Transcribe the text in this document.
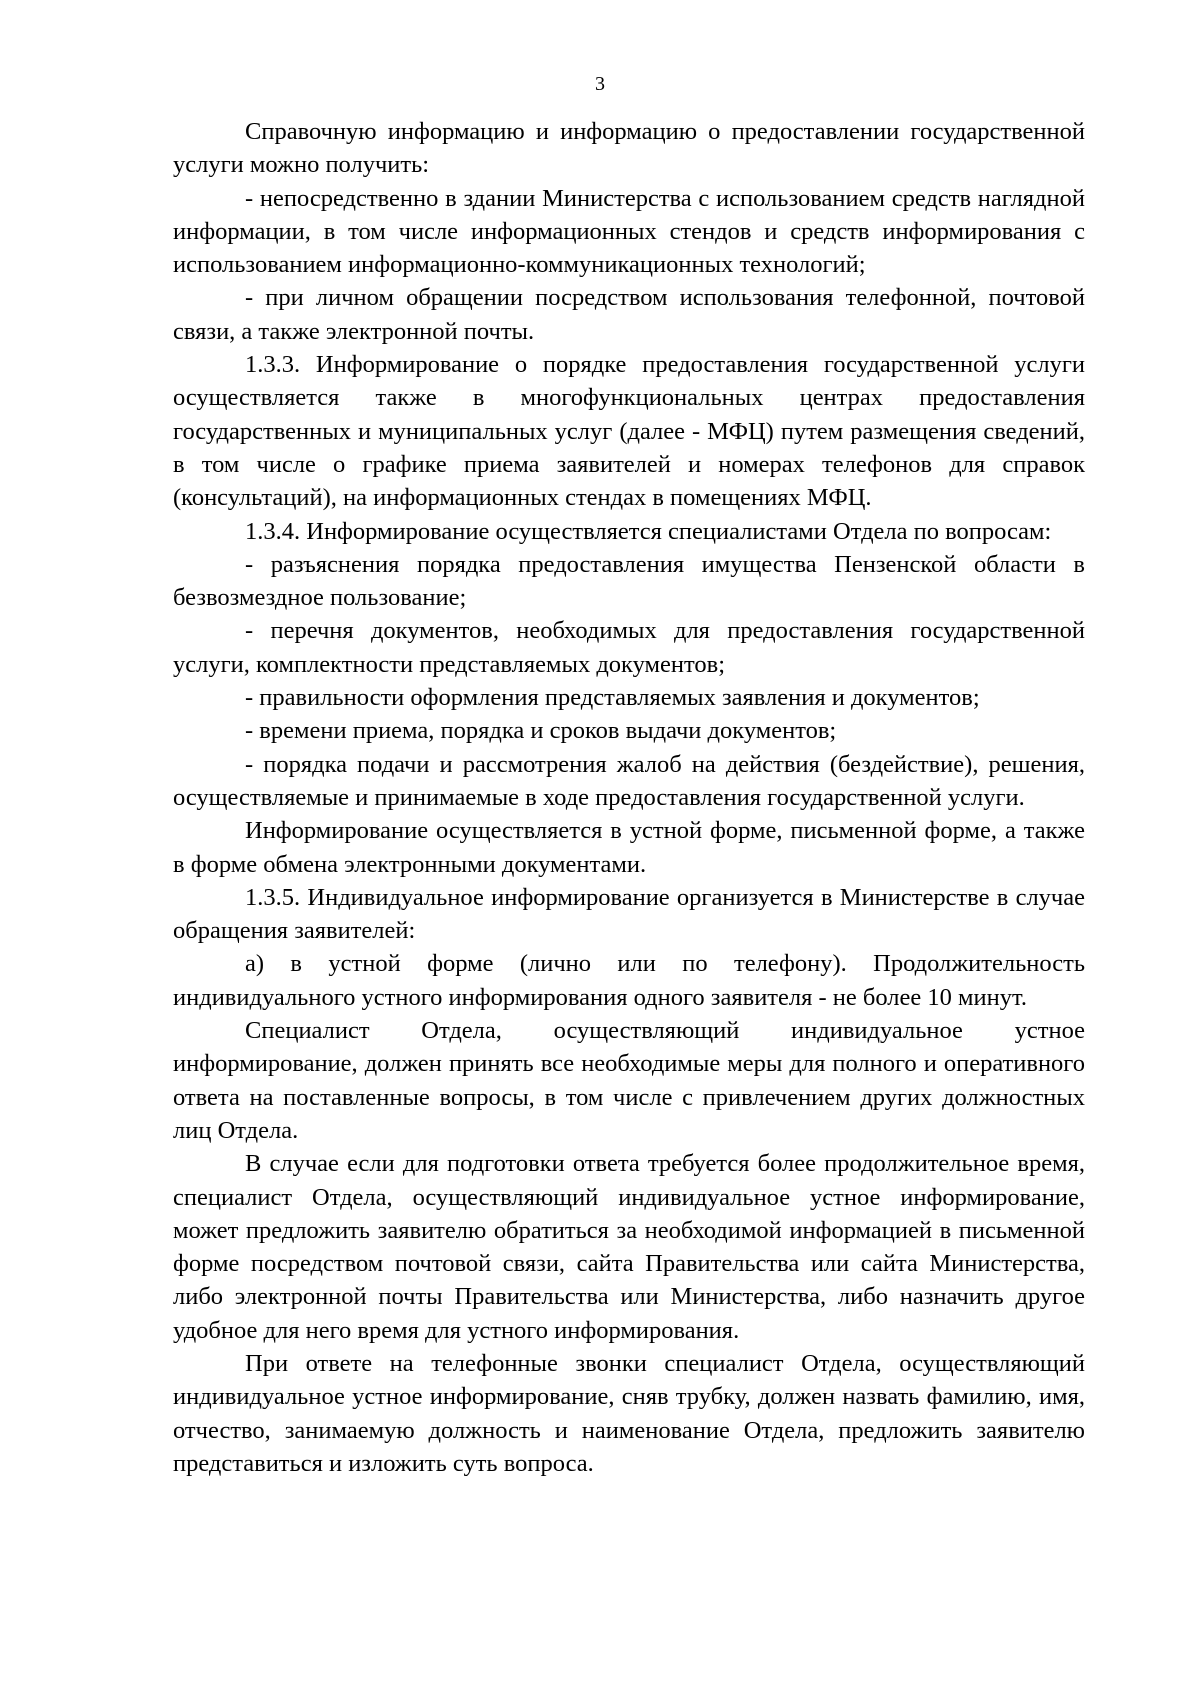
3

Справочную информацию и информацию о предоставлении государственной услуги можно получить:

- непосредственно в здании Министерства с использованием средств наглядной информации, в том числе информационных стендов и средств информирования с использованием информационно-коммуникационных технологий;

- при личном обращении посредством использования телефонной, почтовой связи, а также электронной почты.

1.3.3. Информирование о порядке предоставления государственной услуги осуществляется также в многофункциональных центрах предоставления государственных и муниципальных услуг (далее - МФЦ) путем размещения сведений, в том числе о графике приема заявителей и номерах телефонов для справок (консультаций), на информационных стендах в помещениях МФЦ.

1.3.4. Информирование осуществляется специалистами Отдела по вопросам:

- разъяснения порядка предоставления имущества Пензенской области в безвозмездное пользование;

- перечня документов, необходимых для предоставления государственной услуги, комплектности представляемых документов;

- правильности оформления представляемых заявления и документов;

- времени приема, порядка и сроков выдачи документов;

- порядка подачи и рассмотрения жалоб на действия (бездействие), решения, осуществляемые и принимаемые в ходе предоставления государственной услуги.

Информирование осуществляется в устной форме, письменной форме, а также в форме обмена электронными документами.

1.3.5. Индивидуальное информирование организуется в Министерстве в случае обращения заявителей:

а) в устной форме (лично или по телефону). Продолжительность индивидуального устного информирования одного заявителя - не более 10 минут.

Специалист Отдела, осуществляющий индивидуальное устное информирование, должен принять все необходимые меры для полного и оперативного ответа на поставленные вопросы, в том числе с привлечением других должностных лиц Отдела.

В случае если для подготовки ответа требуется более продолжительное время, специалист Отдела, осуществляющий индивидуальное устное информирование, может предложить заявителю обратиться за необходимой информацией в письменной форме посредством почтовой связи, сайта Правительства или сайта Министерства, либо электронной почты Правительства или Министерства, либо назначить другое удобное для него время для устного информирования.

При ответе на телефонные звонки специалист Отдела, осуществляющий индивидуальное устное информирование, сняв трубку, должен назвать фамилию, имя, отчество, занимаемую должность и наименование Отдела, предложить заявителю представиться и изложить суть вопроса.
